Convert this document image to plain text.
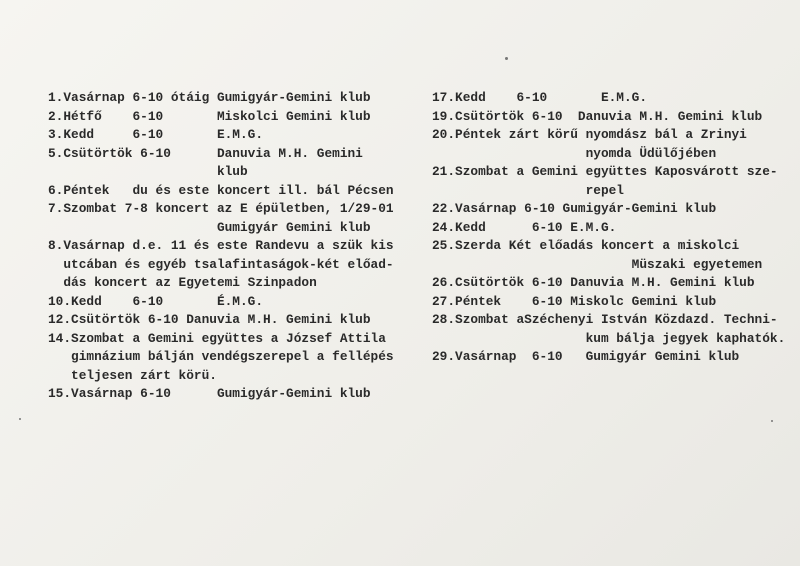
1.Vasárnap 6-10 ótáig Gumigyár-Gemini klub
2.Hétfő    6-10       Miskolci Gemini klub
3.Kedd     6-10       E.M.G.
5.Csütörtök 6-10      Danuvia M.H. Gemini
klub
6.Péntek   du és este koncert ill. bál Pécsen
7.Szombat 7-8 koncert az E épületben, 1/29-01
Gumigyár Gemini klub
8.Vasárnap d.e. 11 és este Randevu a szük kis
utcában és egyéb tsalafintaságok-két előad-
dás koncert az Egyetemi Szinpadon
10.Kedd    6-10       É.M.G.
12.Csütörtök 6-10 Danuvia M.H. Gemini klub
14.Szombat a Gemini együttes a József Attila
gimnázium bálján vendégszerepel a fellépés
teljesen zárt körü.
15.Vasárnap 6-10      Gumigyár-Gemini klub
17.Kedd    6-10       E.M.G.
19.Csütörtök 6-10  Danuvia M.H. Gemini klub
20.Péntek zárt körű nyomdász bál a Zrinyi
nyomda Üdülőjében
21.Szombat a Gemini együttes Kaposvárott sze-
repel
22.Vasárnap 6-10 Gumigyár-Gemini klub
24.Kedd      6-10 E.M.G.
25.Szerda Két előadás koncert a miskolci
Müszaki egyetemen
26.Csütörtök 6-10 Danuvia M.H. Gemini klub
27.Péntek    6-10 Miskolc Gemini klub
28.Szombat aSzéchenyi István Közdazd. Techni-
kum bálja jegyek kaphatók.
29.Vasárnap  6-10   Gumigyár Gemini klub
